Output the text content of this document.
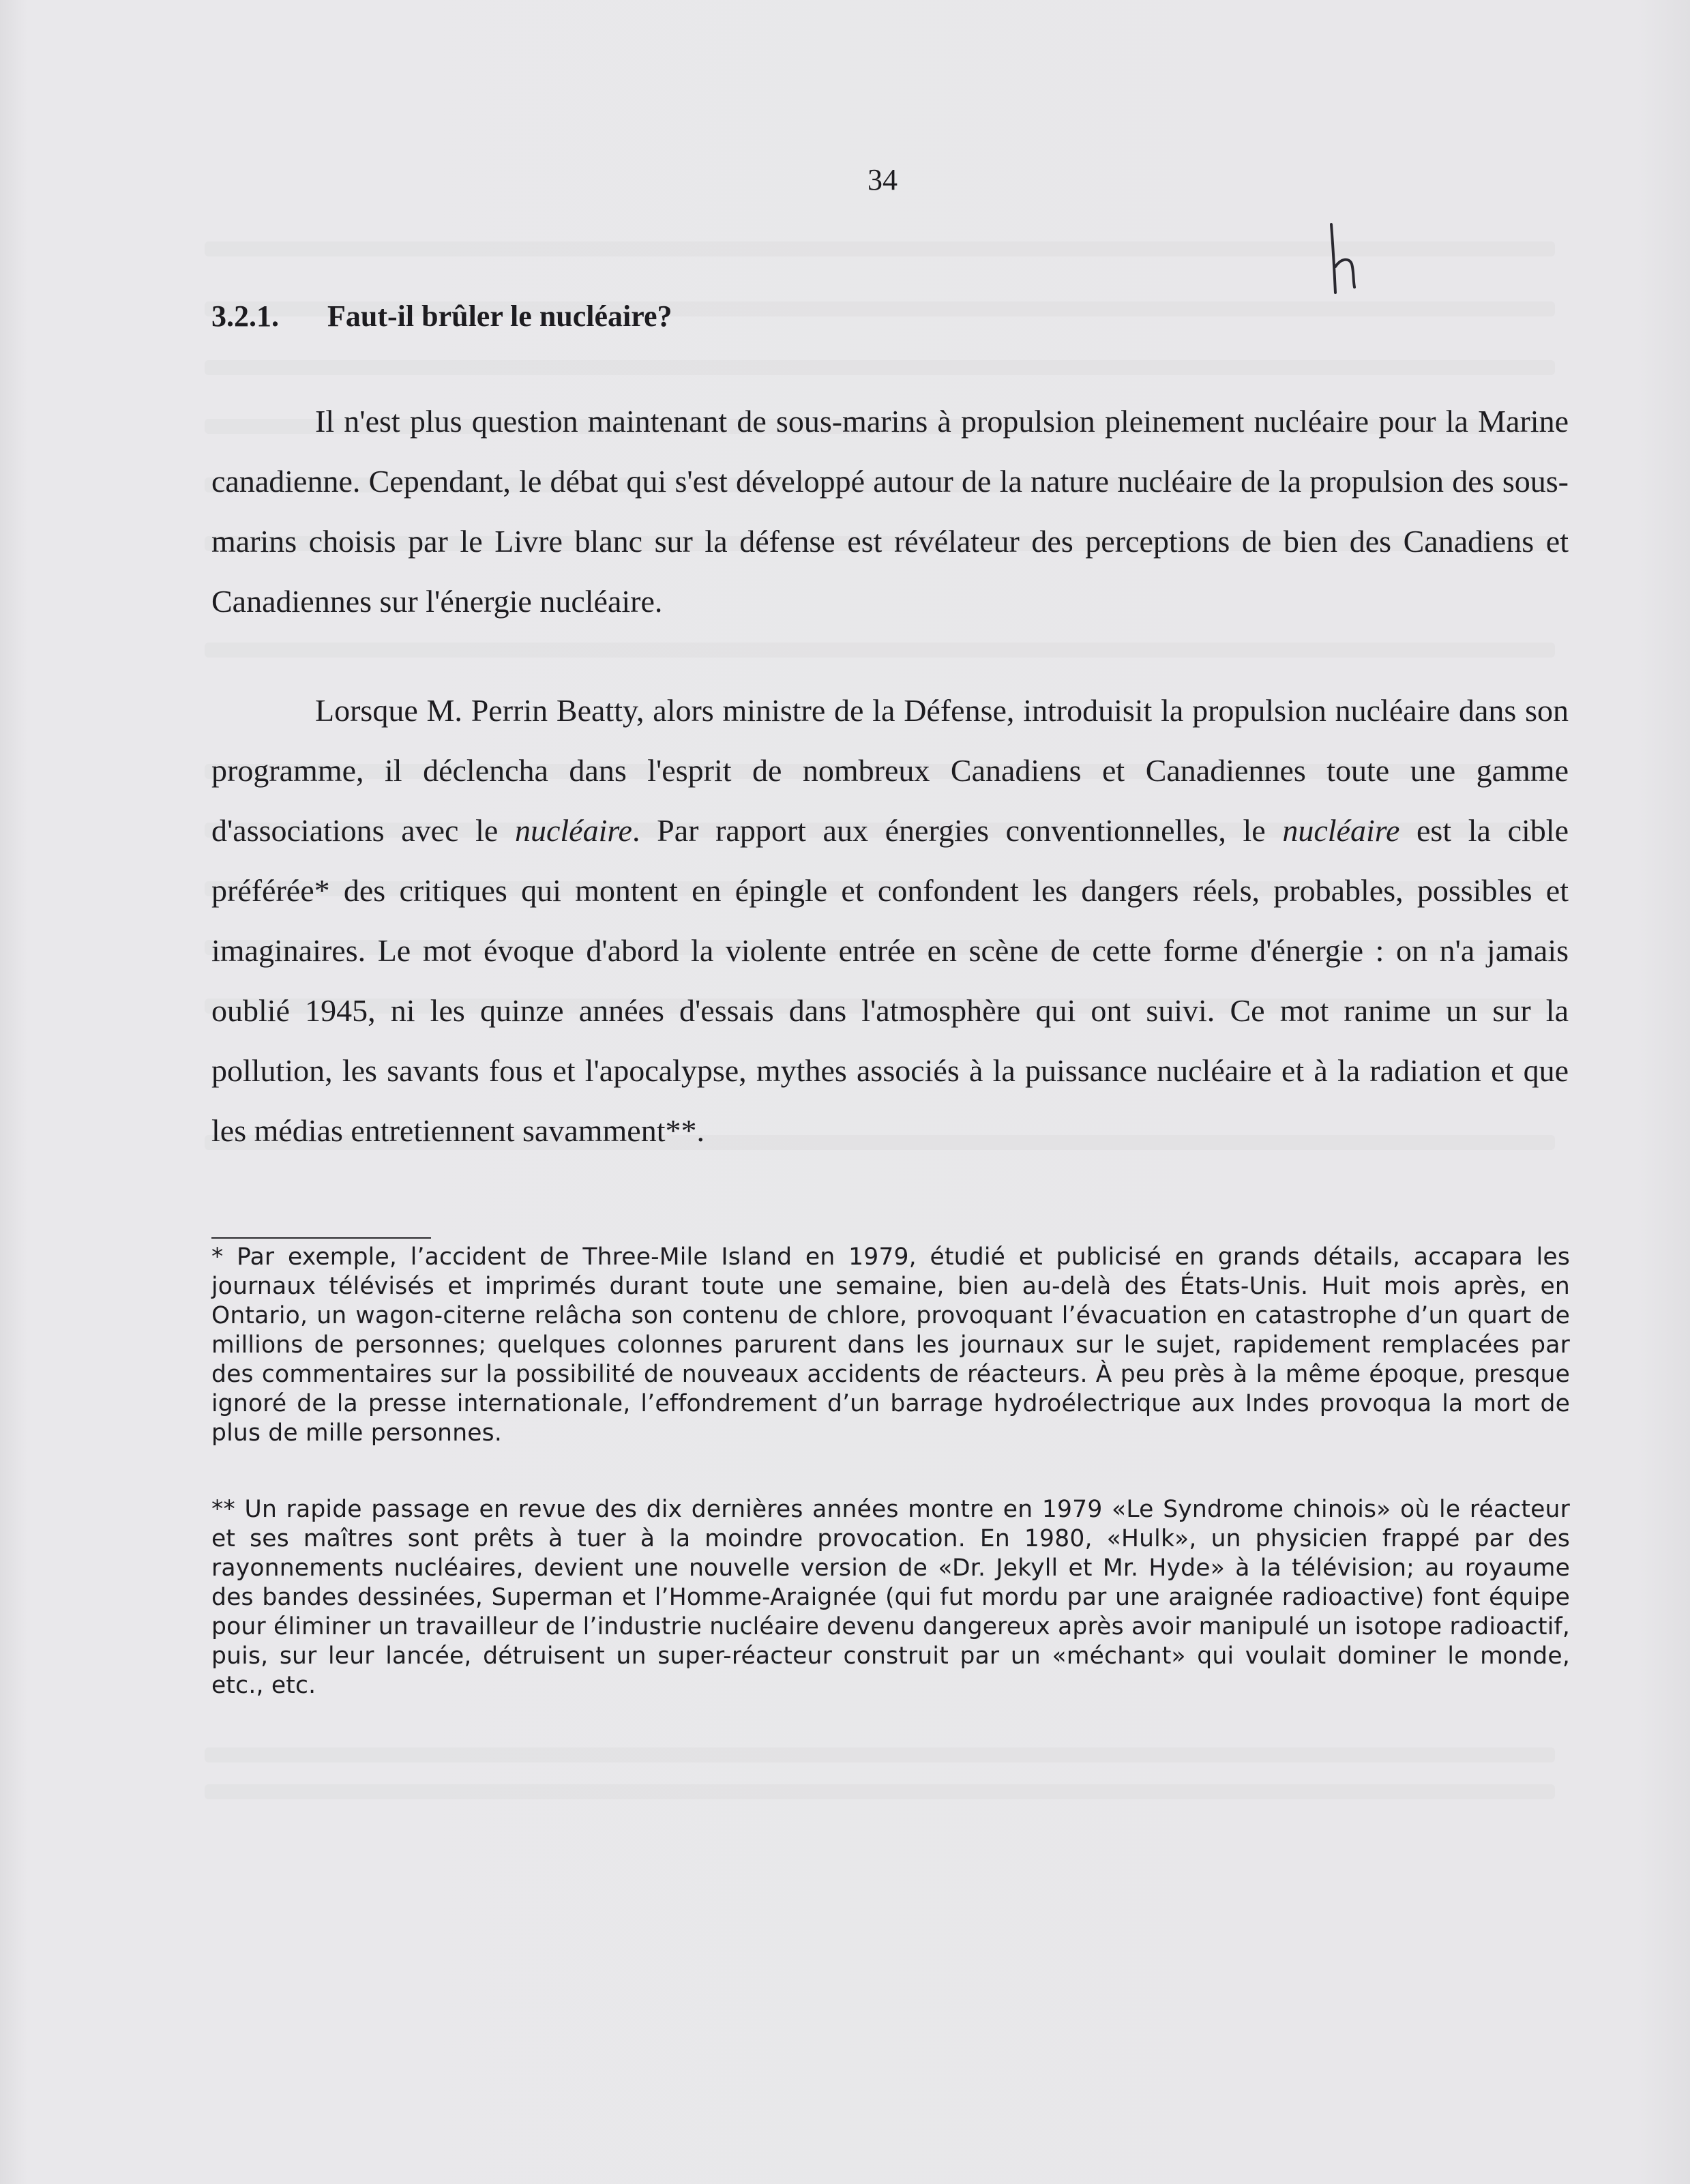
34
3.2.1. Faut-il brûler le nucléaire?

Il n'est plus question maintenant de sous-marins à propulsion pleinement nucléaire pour la Marine canadienne. Cependant, le débat qui s'est développé autour de la nature nucléaire de la propulsion des sous-marins choisis par le Livre blanc sur la défense est révélateur des perceptions de bien des Canadiens et Canadiennes sur l'énergie nucléaire.

Lorsque M. Perrin Beatty, alors ministre de la Défense, introduisit la propulsion nucléaire dans son programme, il déclencha dans l'esprit de nombreux Canadiens et Canadiennes toute une gamme d'associations avec le nucléaire. Par rapport aux énergies conventionnelles, le nucléaire est la cible préférée* des critiques qui montent en épingle et confondent les dangers réels, probables, possibles et imaginaires. Le mot évoque d'abord la violente entrée en scène de cette forme d'énergie : on n'a jamais oublié 1945, ni les quinze années d'essais dans l'atmosphère qui ont suivi. Ce mot ranime un sur la pollution, les savants fous et l'apocalypse, mythes associés à la puissance nucléaire et à la radiation et que les médias entretiennent savamment**.

* Par exemple, l’accident de Three-Mile Island en 1979, étudié et publicisé en grands détails, accapara les journaux télévisés et imprimés durant toute une semaine, bien au-delà des États-Unis. Huit mois après, en Ontario, un wagon-citerne relâcha son contenu de chlore, provoquant l’évacuation en catastrophe d’un quart de millions de personnes; quelques colonnes parurent dans les journaux sur le sujet, rapidement remplacées par des commentaires sur la possibilité de nouveaux accidents de réacteurs. À peu près à la même époque, presque ignoré de la presse internationale, l’effondrement d’un barrage hydroélectrique aux Indes provoqua la mort de plus de mille personnes.

** Un rapide passage en revue des dix dernières années montre en 1979 «Le Syndrome chinois» où le réacteur et ses maîtres sont prêts à tuer à la moindre provocation. En 1980, «Hulk», un physicien frappé par des rayonnements nucléaires, devient une nouvelle version de «Dr. Jekyll et Mr. Hyde» à la télévision; au royaume des bandes dessinées, Superman et l’Homme-Araignée (qui fut mordu par une araignée radioactive) font équipe pour éliminer un travailleur de l’industrie nucléaire devenu dangereux après avoir manipulé un isotope radioactif, puis, sur leur lancée, détruisent un super-réacteur construit par un «méchant» qui voulait dominer le monde, etc., etc.
